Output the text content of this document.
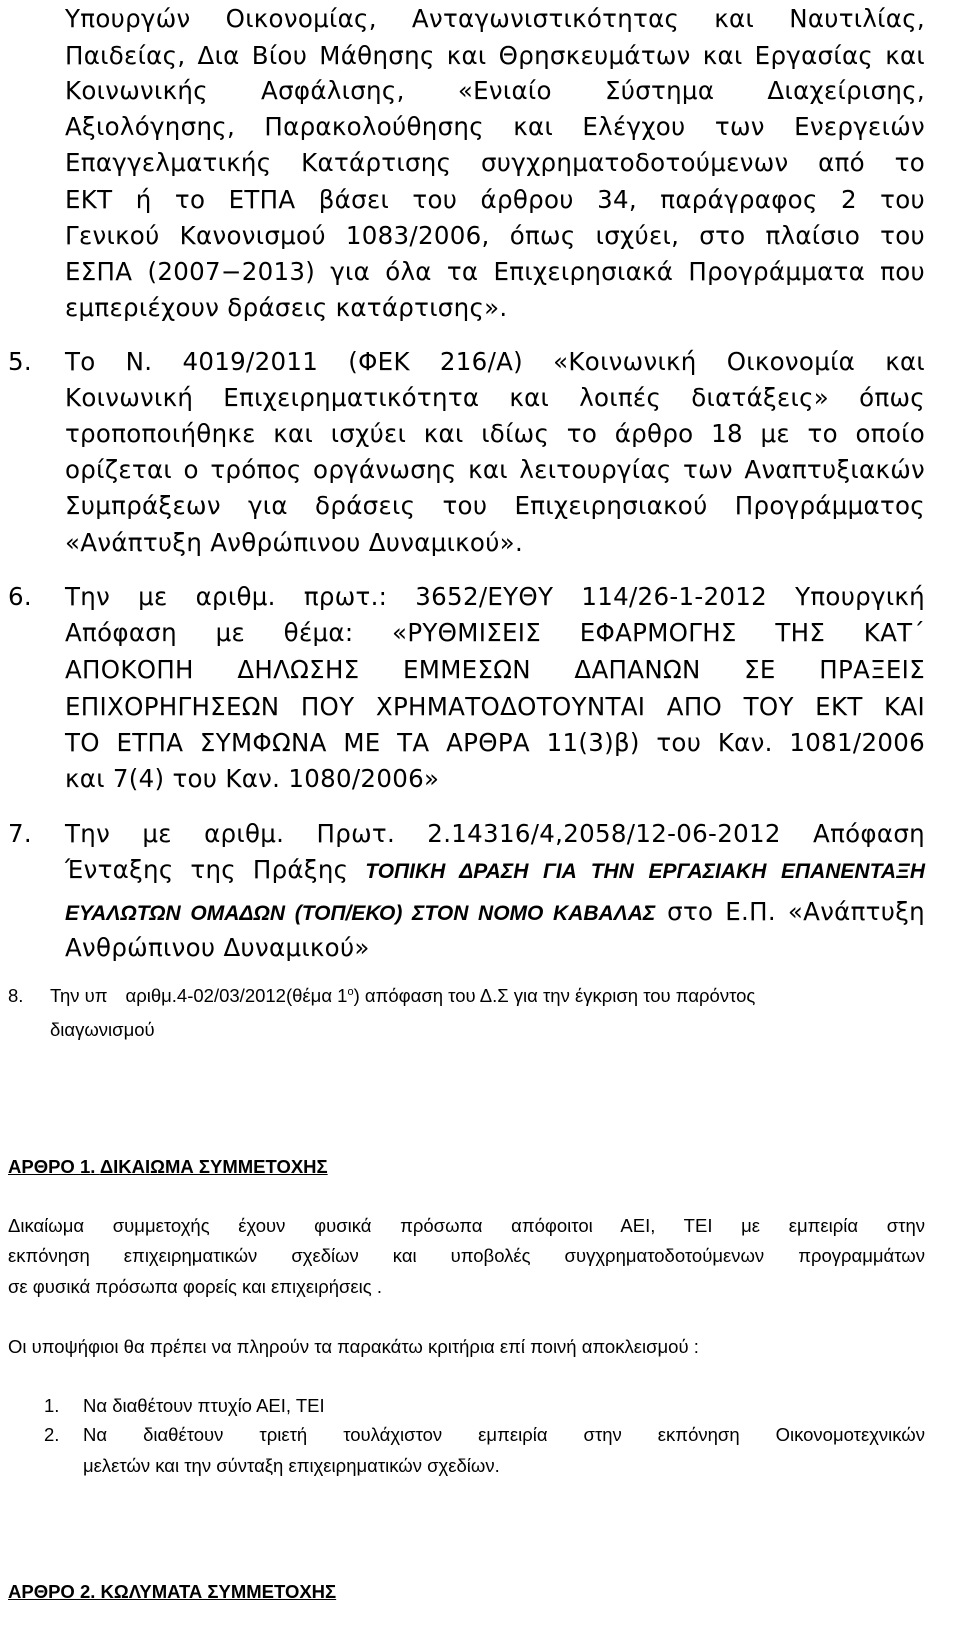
Υπουργών Οικονομίας, Ανταγωνιστικότητας και Ναυτιλίας,
Παιδείας, Δια Βίου Μάθησης και Θρησκευμάτων και Εργασίας και
Κοινωνικής Ασφάλισης, «Ενιαίο Σύστημα Διαχείρισης,
Αξιολόγησης, Παρακολούθησης και Ελέγχου των Ενεργειών
Επαγγελματικής Κατάρτισης συγχρηματοδοτούμενων από το
ΕΚΤ ή το ΕΤΠΑ βάσει του άρθρου 34, παράγραφος 2 του
Γενικού Κανονισμού 1083/2006, όπως ισχύει, στο πλαίσιο του
ΕΣΠΑ (2007−2013) για όλα τα Επιχειρησιακά Προγράμματα που
εμπεριέχουν δράσεις κατάρτισης».
5.	Το Ν. 4019/2011 (ΦΕΚ 216/Α) «Κοινωνική Οικονομία και
Κοινωνική Επιχειρηματικότητα και λοιπές διατάξεις» όπως
τροποποιήθηκε και ισχύει και ιδίως το άρθρο 18 με το οποίο
ορίζεται ο τρόπος οργάνωσης και λειτουργίας των Αναπτυξιακών
Συμπράξεων για δράσεις του Επιχειρησιακού Προγράμματος
«Ανάπτυξη Ανθρώπινου Δυναμικού».
6.	Την με αριθμ. πρωτ.: 3652/ΕΥΘΥ 114/26-1-2012 Υπουργική
Απόφαση με θέμα: «ΡΥΘΜΙΣΕΙΣ ΕΦΑΡΜΟΓΗΣ ΤΗΣ ΚΑΤ΄
ΑΠΟΚΟΠΗ ΔΗΛΩΣΗΣ ΕΜΜΕΣΩΝ ΔΑΠΑΝΩΝ ΣΕ ΠΡΑΞΕΙΣ
ΕΠΙΧΟΡΗΓΗΣΕΩΝ ΠΟΥ ΧΡΗΜΑΤΟΔΟΤΟΥΝΤΑΙ ΑΠΟ ΤΟΥ ΕΚΤ ΚΑΙ
ΤΟ ΕΤΠΑ ΣΥΜΦΩΝΑ ΜΕ ΤΑ ΑΡΘΡΑ 11(3)β) του Καν. 1081/2006
και 7(4) του Καν. 1080/2006»
7.	Την με αριθμ. Πρωτ. 2.14316/4,2058/12-06-2012 Απόφαση
Ένταξης της Πράξης ΤΟΠΙΚΗ ΔΡΑΣΗ ΓΙΑ ΤΗΝ ΕΡΓΑΣΙΑΚΗ ΕΠΑΝΕΝΤΑΞΗ
ΕΥΑΛΩΤΩΝ ΟΜΑΔΩΝ (ΤΟΠ/ΕΚΟ) ΣΤΟΝ ΝΟΜΟ ΚΑΒΑΛΑΣ στο Ε.Π. «Ανάπτυξη
Ανθρώπινου Δυναμικού»
8. Την υπ αριθμ.4-02/03/2012(θέμα $1^o$) απόφαση του Δ.Σ για την έγκριση του παρόντος
διαγωνισμού
ΑΡΘΡΟ 1. ΔΙΚΑΙΩΜΑ ΣΥΜΜΕΤΟΧΗΣ
Δικαίωμα συμμετοχής έχουν φυσικά πρόσωπα απόφοιτοι ΑΕΙ, ΤΕΙ με εμπειρία στην
εκπόνηση επιχειρηματικών σχεδίων και υποβολές συγχρηματοδοτούμενων προγραμμάτων
σε φυσικά πρόσωπα φορείς και επιχειρήσεις .
Οι υποψήφιοι θα πρέπει να πληρούν τα παρακάτω κριτήρια επί ποινή αποκλεισμού :
1. Να διαθέτουν πτυχίο ΑΕΙ, ΤΕΙ
2. Να διαθέτουν τριετή τουλάχιστον εμπειρία στην εκπόνηση Οικονομοτεχνικών
μελετών και την σύνταξη επιχειρηματικών σχεδίων.
ΑΡΘΡΟ 2. ΚΩΛΥΜΑΤΑ ΣΥΜΜΕΤΟΧΗΣ
